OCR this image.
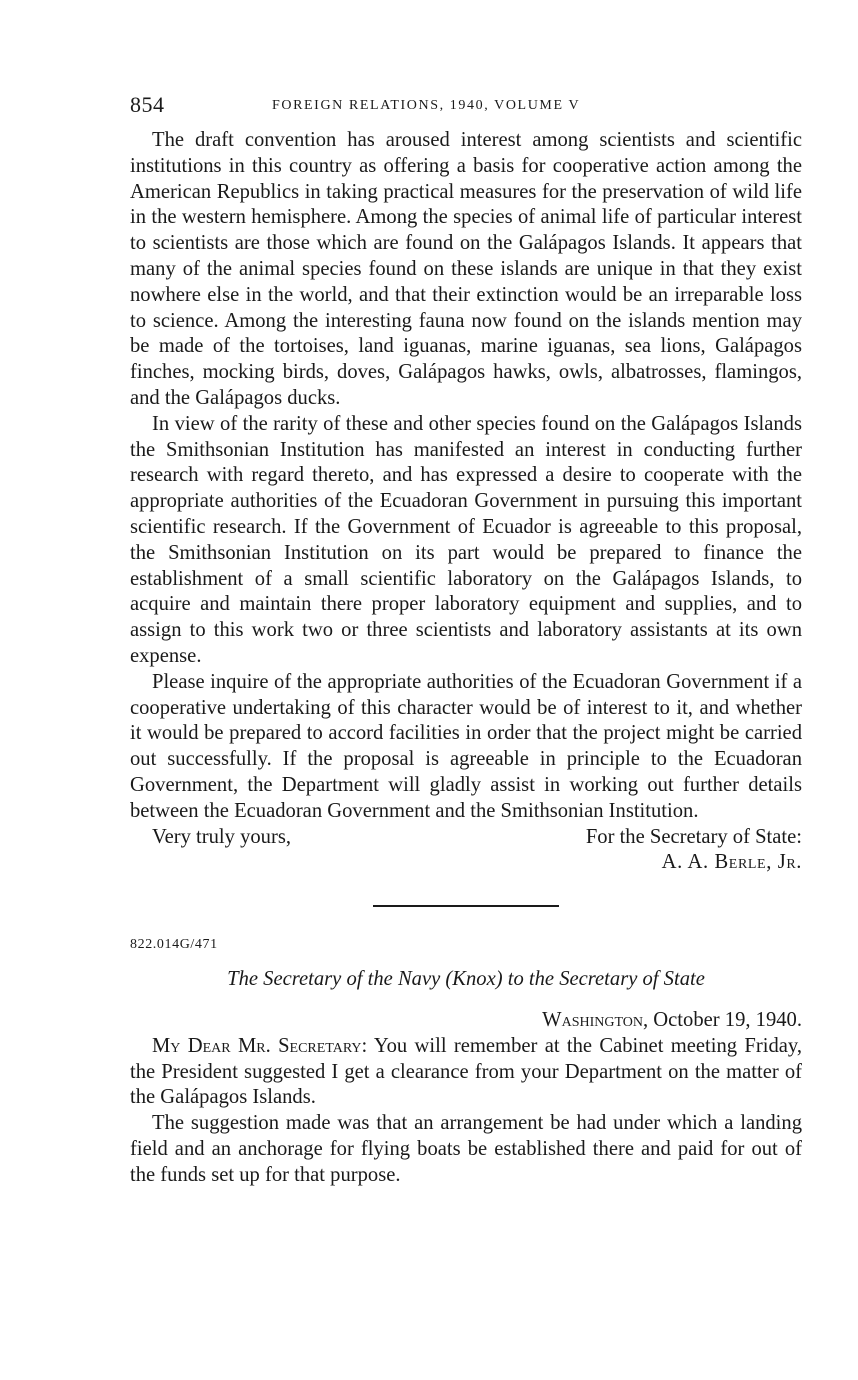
854	FOREIGN RELATIONS, 1940, VOLUME V

The draft convention has aroused interest among scientists and scientific institutions in this country as offering a basis for cooperative action among the American Republics in taking practical measures for the preservation of wild life in the western hemisphere. Among the species of animal life of particular interest to scientists are those which are found on the Galápagos Islands. It appears that many of the animal species found on these islands are unique in that they exist nowhere else in the world, and that their extinction would be an irreparable loss to science. Among the interesting fauna now found on the islands mention may be made of the tortoises, land iguanas, marine iguanas, sea lions, Galápagos finches, mocking birds, doves, Galápagos hawks, owls, albatrosses, flamingos, and the Galápagos ducks.

In view of the rarity of these and other species found on the Galápagos Islands the Smithsonian Institution has manifested an interest in conducting further research with regard thereto, and has expressed a desire to cooperate with the appropriate authorities of the Ecuadoran Government in pursuing this important scientific research. If the Government of Ecuador is agreeable to this proposal, the Smithsonian Institution on its part would be prepared to finance the establishment of a small scientific laboratory on the Galápagos Islands, to acquire and maintain there proper laboratory equipment and supplies, and to assign to this work two or three scientists and laboratory assistants at its own expense.

Please inquire of the appropriate authorities of the Ecuadoran Government if a cooperative undertaking of this character would be of interest to it, and whether it would be prepared to accord facilities in order that the project might be carried out successfully. If the proposal is agreeable in principle to the Ecuadoran Government, the Department will gladly assist in working out further details between the Ecuadoran Government and the Smithsonian Institution.

Very truly yours,	For the Secretary of State:
A. A. Berle, Jr.
822.014G/471
The Secretary of the Navy (Knox) to the Secretary of State
Washington, October 19, 1940.

My Dear Mr. Secretary: You will remember at the Cabinet meeting Friday, the President suggested I get a clearance from your Department on the matter of the Galápagos Islands.

The suggestion made was that an arrangement be had under which a landing field and an anchorage for flying boats be established there and paid for out of the funds set up for that purpose.
